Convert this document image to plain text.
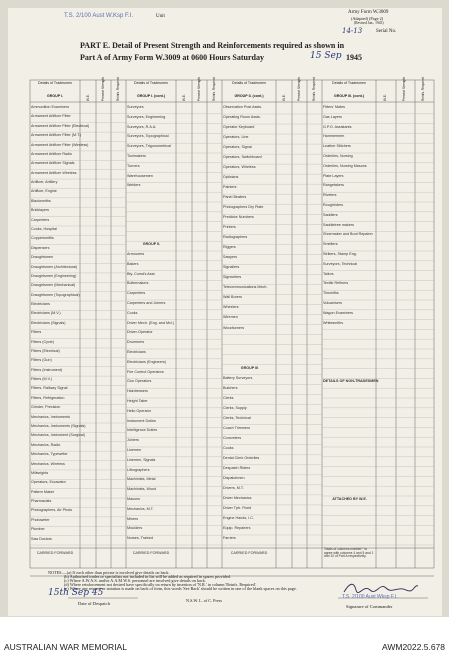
T.S. 2/100 Aust W.Ksp F.I.	Unit
Army Form W.3009
(Adapted) (Page 2)
(Revised Jan., 1943)
14-13	Serial No.
PART E. Detail of Present Strength and Reinforcements required as shown in
Part A of Army Form W.3009 at 0600 Hours Saturday	15 Sep 1945
Details of Tradesmen
GROUP I.
Details of Tradesmen
GROUP I. (cont.)
Details of Tradesmen
GROUP II. (cont.)
Details of Tradesmen
GROUP III. (cont.)
W.E.	Present Strength	Reinfs. Required	W.E.	Present Strength	Reinfs. Required	W.E.	Present Strength	Reinfs. Required	W.E.	Present Strength	Reinfs. Required
Ammunition Examiners
Armament Artificer Fitter
Armament Artificer Fitter (Electrical)
Armament Artificer Fitter (M.T.)
Armament Artificer Fitter (Wireless)
Armament Artificer Radio
Armament Artificer Signals
Armament Artificer Wireless
Artificer, Artillery
Artificer, Engine
Blacksmiths
Bricklayers
Carpenters
Cooks, Hospital
Coppersmiths
Dispensers
Draughtsmen
Draughtsmen (Architectural)
Draughtsmen (Engineering)
Draughtsmen (Mechanical)
Draughtsmen (Topographical)
Electricians
Electricians (M.V.)
Electricians (Signals)
Fitters
Fitters (Cycle)
Fitters (Electrical)
Fitters (Gun)
Fitters (Instrument)
Fitters (M.V.)
Fitters, Railway Signal
Fitters, Refrigeration
Grinder, Precision
Mechanics, Instruments
Mechanics, Instruments (Signals)
Mechanics, Instrument (Surgical)
Mechanics, Radio
Mechanics, Typewriter
Mechanics, Wireless
Millwrights
Operators, Excavator
Pattern Maker
Pharmacists
Photographers, Air Photo
Photowriter
Plumber
Saw Doctors
Surveyors
Surveyors, Engineering
Surveyors, R.A.A.
Surveyors, Topographical
Surveyors, Trigonometrical
Toolmakers
Turners
Warehousemen
Welders
GROUP II.
Armourers
Bakers
Bty. Comd's Asst.
Boilermakers
Carpenters
Carpenters and Joiners
Cooks
Driver Mech. (Eng. and Mcl.)
Driver-Operator
Drummers
Electricians
Electricians (Engineers)
Fire Control Operators
Gun Operators
Hairdressers
Height Taker
Helio Operator
Instrument Duties
Intelligence Duties
Joiners
Linemen
Linemen, Signals
Lithographers
Machinists, Metal
Machinists, Wood
Masons
Mechanics, M.T.
Miners
Moulders
Nurses, Trained
Observation Post Assts.
Operating Room Assts.
Operator Keyboard
Operators, Line
Operators, Signal
Operators, Switchboard
Operators, Wireless
Opticians
Painters
Panel Beaters
Photographers Dry Plate
Predictor Numbers
Printers
Radiographers
Riggers
Sawyers
Signallers
Signwriters
Telecommunications Mech.
Wall Borers
Wheelers
Wiremen
Woodturners
GROUP III
Battery Surveyors
Butchers
Clerks
Clerks, Supply
Clerks, Technical
Coach Trimmers
Concreters
Cooks
Dental Clerk Orderlies
Despatch Riders
Dispatchmen
Drivers, M.T.
Driver Mechanics
Driver Tptr. Fixed
Engine Hands, I.C.
Equip. Repairers
Farriers
Fitters' Mates
Gas Layers
G.P.O. Assistants
Hammermen
Leather Stitchers
Orderlies, Nursing
Orderlies, Nursing Masons
Plate Layers
Rangetakers
Riveters
Roughriders
Saddlers
Saddletree makers
Shoemaker and Boot Repairer
Smelters
Strikers, Stamp Eng.
Surveyors, Technical
Tailors
Textile Refiners
Tinsmiths
Vulcanisers
Wagon Examiners
Whitesmiths
DETAILS OF NON-TRADESMEN
ATTACHED BY W.E.
CARRIED FORWARD	CARRIED FORWARD	CARRIED FORWARD
Totals of columns marked * to agree with columns 4 and 5 and 1 and 10 of Part A respectively.
NOTES.—(a) If each other than private is involved give details on back.
(b) Authorised trades or specialists not included in list will be added as required in spaces provided.
(c) Where A.W.A.S. and/or A.A.M.W.S. personnel are involved give details on back.
(d) Where reinforcement not desired have specifically on return by insertion of 'N.R.' in column 'Reinfs. Required'.
(e) Where any request or notation is made on back of form, this words 'See Back' should be written in one of the blank spaces on this page.
15th Sep 45
Date of Despatch
N.S.W. L. of C. Press
T.S. 2/100 Aust Wksp F.I.
Signature of Commander
AUSTRALIAN WAR MEMORIAL	AWM2022.5.678
